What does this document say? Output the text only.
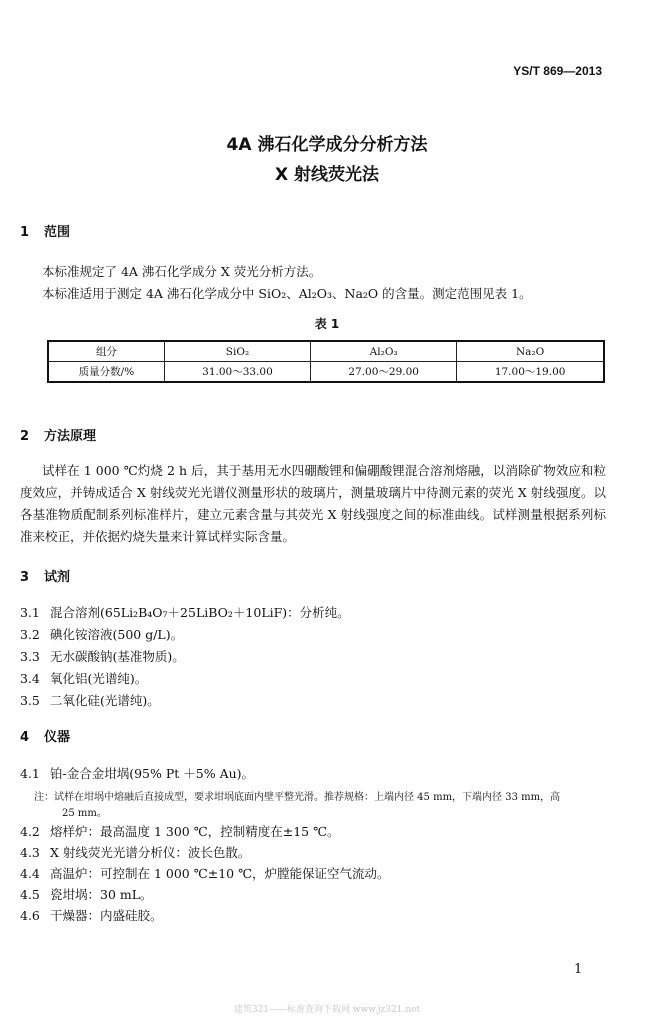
YS/T 869—2013
4A 沸石化学成分分析方法
X 射线荧光法
1 范围
本标准规定了 4A 沸石化学成分 X 荧光分析方法。
本标准适用于测定 4A 沸石化学成分中 SiO₂、Al₂O₃、Na₂O 的含量。测定范围见表 1。
表 1
组分	SiO₂	Al₂O₃	Na₂O
质量分数/%	31.00～33.00	27.00～29.00	17.00～19.00
2 方法原理
试样在 1 000 ℃灼烧 2 h 后，其于基用无水四硼酸锂和偏硼酸锂混合溶剂熔融，以消除矿物效应和粒度效应，并铸成适合 X 射线荧光光谱仪测量形状的玻璃片，测量玻璃片中待测元素的荧光 X 射线强度。以各基准物质配制系列标准样片，建立元素含量与其荧光 X 射线强度之间的标准曲线。试样测量根据系列标准来校正，并依据灼烧失量来计算试样实际含量。
3 试剂
3.1 混合溶剂(65Li₂B₄O₇＋25LiBO₂＋10LiF)：分析纯。
3.2 碘化铵溶液(500 g/L)。
3.3 无水碳酸钠(基准物质)。
3.4 氧化铝(光谱纯)。
3.5 二氧化硅(光谱纯)。
4 仪器
4.1 铂-金合金坩埚(95% Pt ＋5% Au)。
注：试样在坩埚中熔融后直接成型，要求坩埚底面内壁平整光滑。推荐规格：上端内径 45 mm，下端内径 33 mm，高
25 mm。
4.2 熔样炉：最高温度 1 300 ℃，控制精度在±15 ℃。
4.3 X 射线荧光光谱分析仪：波长色散。
4.4 高温炉：可控制在 1 000 ℃±10 ℃，炉膛能保证空气流动。
4.5 瓷坩埚：30 mL。
4.6 干燥器：内盛硅胶。
1
建筑321——标准查询下载网 www.jz321.net
